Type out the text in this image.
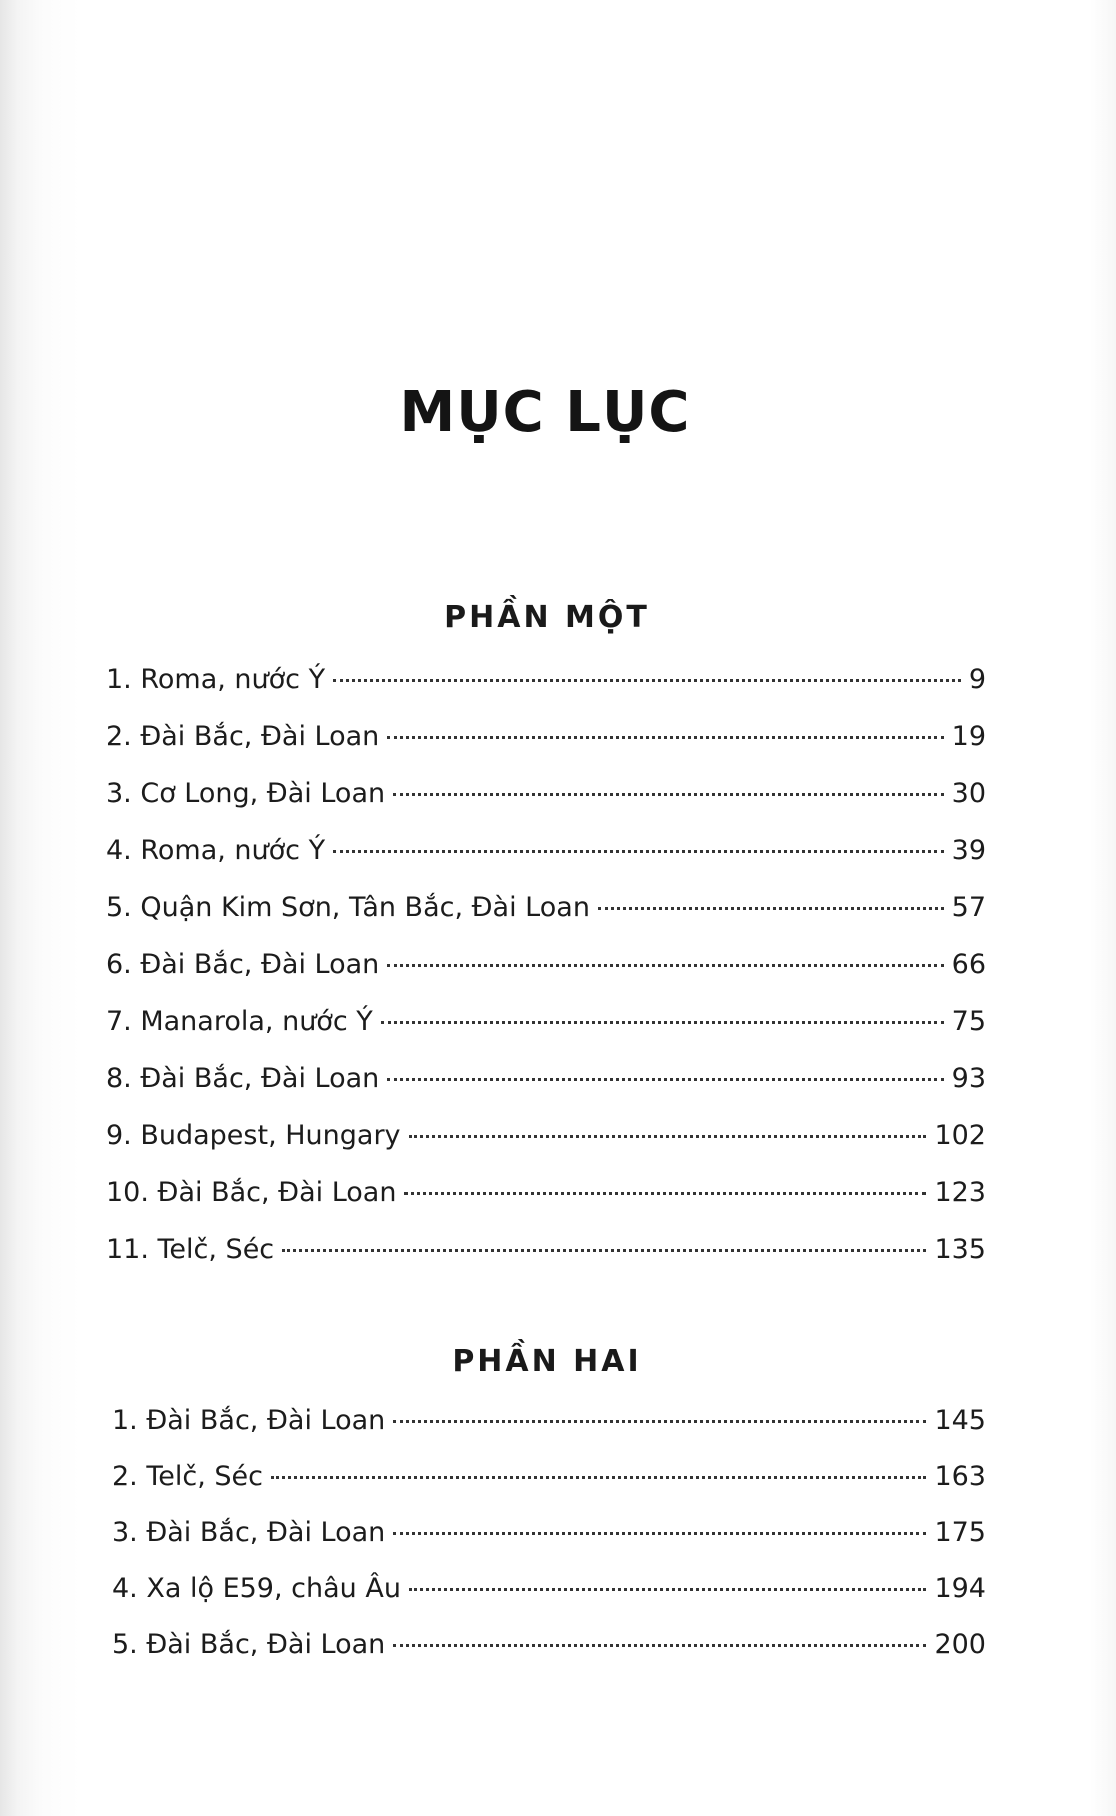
MỤC LỤC
PHẦN MỘT
1. Roma, nước Ý	9
2. Đài Bắc, Đài Loan	19
3. Cơ Long, Đài Loan	30
4. Roma, nước Ý	39
5. Quận Kim Sơn, Tân Bắc, Đài Loan	57
6. Đài Bắc, Đài Loan	66
7. Manarola, nước Ý	75
8. Đài Bắc, Đài Loan	93
9. Budapest, Hungary	102
10. Đài Bắc, Đài Loan	123
11. Telč, Séc	135
PHẦN HAI
1. Đài Bắc, Đài Loan	145
2. Telč, Séc	163
3. Đài Bắc, Đài Loan	175
4. Xa lộ E59, châu Âu	194
5. Đài Bắc, Đài Loan	200
